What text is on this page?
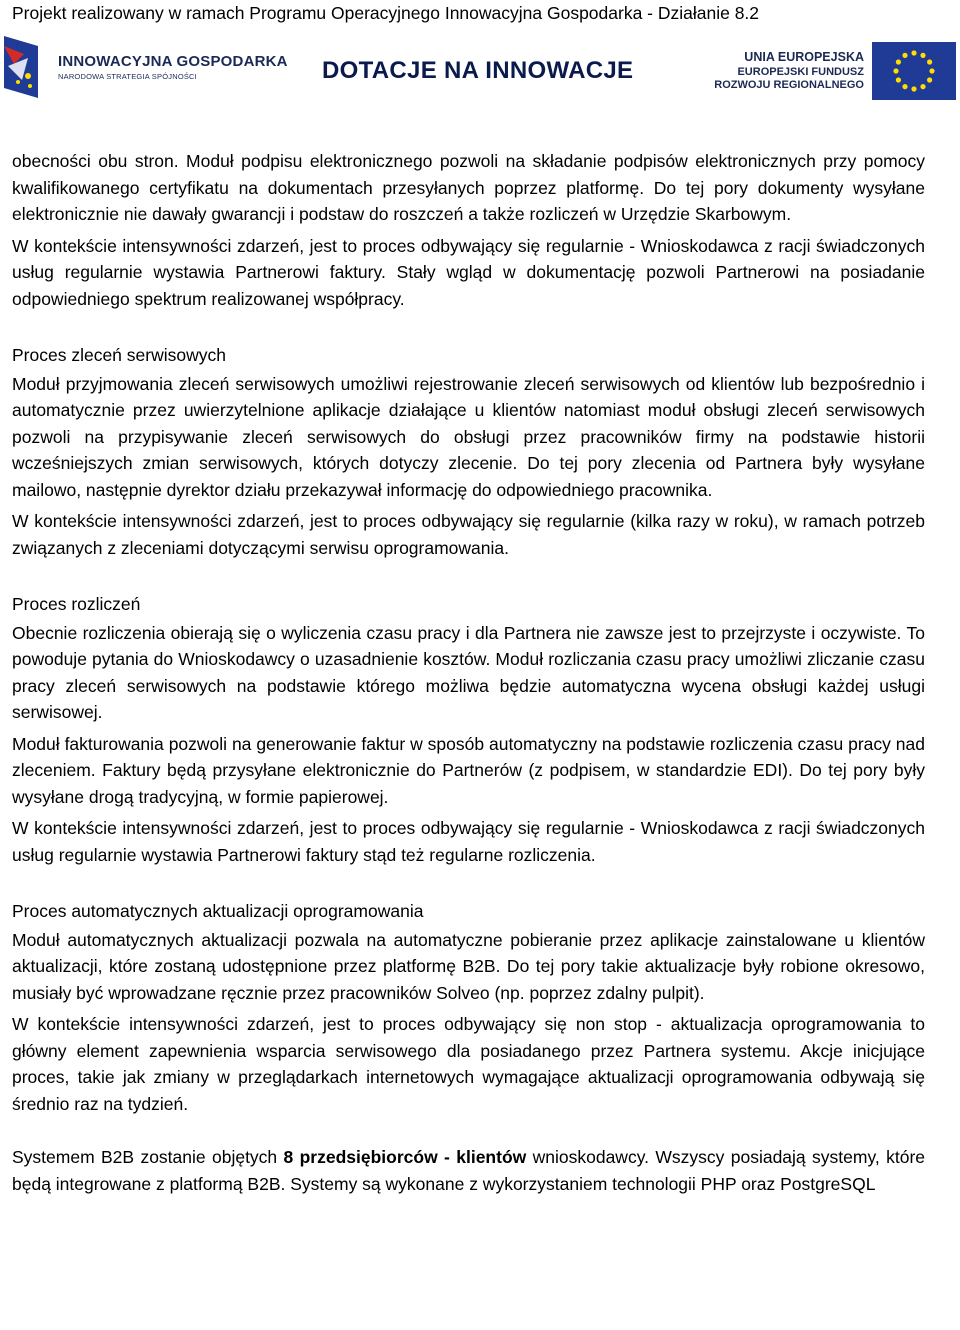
Projekt realizowany w ramach Programu Operacyjnego Innowacyjna Gospodarka - Działanie 8.2
INNOWACYJNA GOSPODARKA
NARODOWA STRATEGIA SPÓJNOŚCI	DOTACJE NA INNOWACJE	UNIA EUROPEJSKA
EUROPEJSKI FUNDUSZ
ROZWOJU REGIONALNEGO

obecności obu stron. Moduł podpisu elektronicznego pozwoli na składanie podpisów elektronicznych przy pomocy kwalifikowanego certyfikatu na dokumentach przesyłanych poprzez platformę. Do tej pory dokumenty wysyłane elektronicznie nie dawały gwarancji i podstaw do roszczeń a także rozliczeń w Urzędzie Skarbowym.

W kontekście intensywności zdarzeń, jest to proces odbywający się regularnie - Wnioskodawca z racji świadczonych usług regularnie wystawia Partnerowi faktury. Stały wgląd w dokumentację pozwoli Partnerowi na posiadanie odpowiedniego spektrum realizowanej współpracy.

Proces zleceń serwisowych

Moduł przyjmowania zleceń serwisowych umożliwi rejestrowanie zleceń serwisowych od klientów lub bezpośrednio i automatycznie przez uwierzytelnione aplikacje działające u klientów natomiast moduł obsługi zleceń serwisowych pozwoli na przypisywanie zleceń serwisowych do obsługi przez pracowników firmy na podstawie historii wcześniejszych zmian serwisowych, których dotyczy zlecenie. Do tej pory zlecenia od Partnera były wysyłane mailowo, następnie dyrektor działu przekazywał informację do odpowiedniego pracownika.

W kontekście intensywności zdarzeń, jest to proces odbywający się regularnie (kilka razy w roku), w ramach potrzeb związanych z zleceniami dotyczącymi serwisu oprogramowania.

Proces rozliczeń

Obecnie rozliczenia obierają się o wyliczenia czasu pracy i dla Partnera nie zawsze jest to przejrzyste i oczywiste. To powoduje pytania do Wnioskodawcy o uzasadnienie kosztów. Moduł rozliczania czasu pracy umożliwi zliczanie czasu pracy zleceń serwisowych na podstawie którego możliwa będzie automatyczna wycena obsługi każdej usługi serwisowej.

Moduł fakturowania pozwoli na generowanie faktur w sposób automatyczny na podstawie rozliczenia czasu pracy nad zleceniem. Faktury będą przysyłane elektronicznie do Partnerów (z podpisem, w standardzie EDI). Do tej pory były wysyłane drogą tradycyjną, w formie papierowej.

W kontekście intensywności zdarzeń, jest to proces odbywający się regularnie - Wnioskodawca z racji świadczonych usług regularnie wystawia Partnerowi faktury stąd też regularne rozliczenia.

Proces automatycznych aktualizacji oprogramowania

Moduł automatycznych aktualizacji pozwala na automatyczne pobieranie przez aplikacje zainstalowane u klientów aktualizacji, które zostaną udostępnione przez platformę B2B. Do tej pory takie aktualizacje były robione okresowo, musiały być wprowadzane ręcznie przez pracowników Solveo (np. poprzez zdalny pulpit).

W kontekście intensywności zdarzeń, jest to proces odbywający się non stop - aktualizacja oprogramowania to główny element zapewnienia wsparcia serwisowego dla posiadanego przez Partnera systemu. Akcje inicjujące proces, takie jak zmiany w przeglądarkach internetowych wymagające aktualizacji oprogramowania odbywają się średnio raz na tydzień.

Systemem B2B zostanie objętych 8 przedsiębiorców - klientów wnioskodawcy. Wszyscy posiadają systemy, które będą integrowane z platformą B2B. Systemy są wykonane z wykorzystaniem technologii PHP oraz PostgreSQL
